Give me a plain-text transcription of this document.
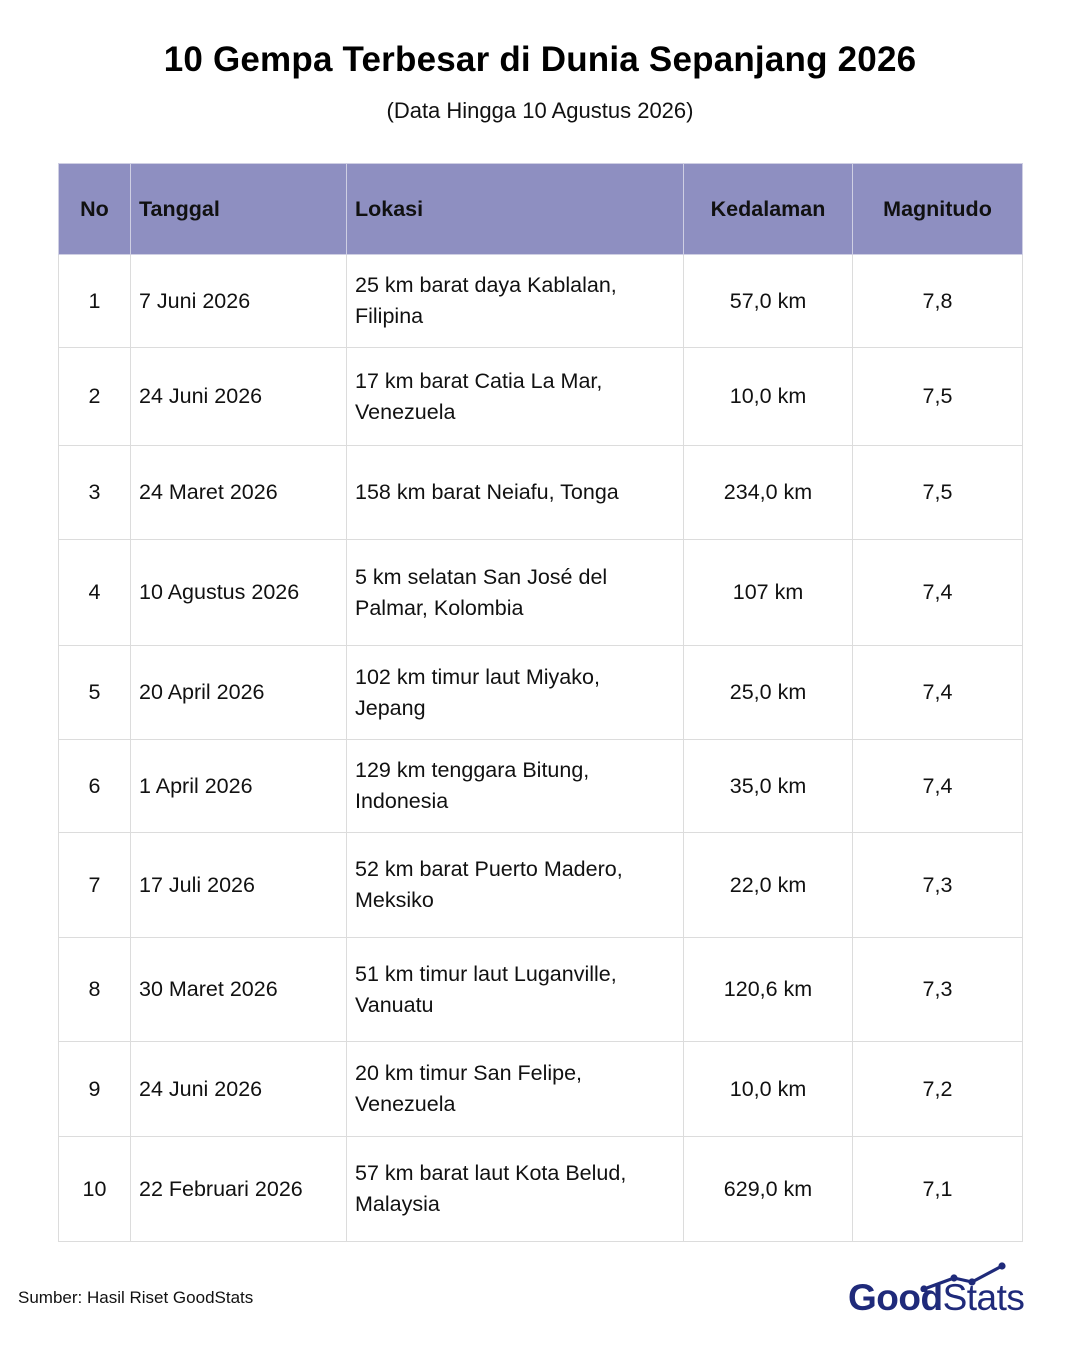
10 Gempa Terbesar di Dunia Sepanjang 2026
(Data Hingga 10 Agustus 2026)
No	Tanggal	Lokasi	Kedalaman	Magnitudo
1	7 Juni 2026	25 km barat daya Kablalan, Filipina	57,0 km	7,8
2	24 Juni 2026	17 km barat Catia La Mar, Venezuela	10,0 km	7,5
3	24 Maret 2026	158 km barat Neiafu, Tonga	234,0 km	7,5
4	10 Agustus 2026	5 km selatan San José del Palmar, Kolombia	107 km	7,4
5	20 April 2026	102 km timur laut Miyako, Jepang	25,0 km	7,4
6	1 April 2026	129 km tenggara Bitung, Indonesia	35,0 km	7,4
7	17 Juli 2026	52 km barat Puerto Madero, Meksiko	22,0 km	7,3
8	30 Maret 2026	51 km timur laut Luganville, Vanuatu	120,6 km	7,3
9	24 Juni 2026	20 km timur San Felipe, Venezuela	10,0 km	7,2
10	22 Februari 2026	57 km barat laut Kota Belud, Malaysia	629,0 km	7,1
Sumber: Hasil Riset GoodStats	GoodStats
